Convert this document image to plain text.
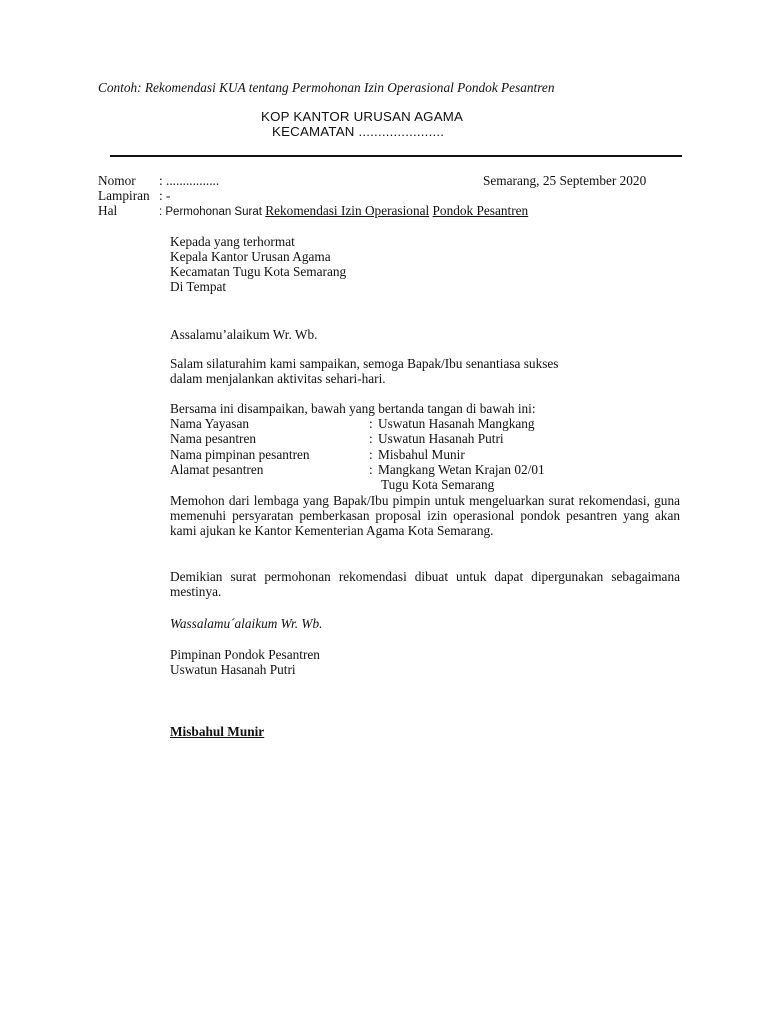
Contoh: Rekomendasi KUA tentang Permohonan Izin Operasional Pondok Pesantren
KOP KANTOR URUSAN AGAMA
KECAMATAN ......................
Nomor : ................	Semarang, 25 September 2020
Lampiran : -
Hal	: Permohonan Surat Rekomendasi Izin Operasional Pondok Pesantren
Kepada yang terhormat
Kepala Kantor Urusan Agama
Kecamatan Tugu Kota Semarang
Di Tempat
Assalamu’alaikum Wr. Wb.
Salam silaturahim kami sampaikan, semoga Bapak/Ibu senantiasa sukses
dalam menjalankan aktivitas sehari-hari.
Bersama ini disampaikan, bawah yang bertanda tangan di bawah ini:
Nama Yayasan	: Uswatun Hasanah Mangkang
Nama pesantren	: Uswatun Hasanah Putri
Nama pimpinan pesantren	: Misbahul Munir
Alamat pesantren	: Mangkang Wetan Krajan 02/01
Tugu Kota Semarang
Memohon dari lembaga yang Bapak/Ibu pimpin untuk mengeluarkan surat rekomendasi, guna memenuhi persyaratan pemberkasan proposal izin operasional pondok pesantren yang akan kami ajukan ke Kantor Kementerian Agama Kota Semarang.
Demikian surat permohonan rekomendasi dibuat untuk dapat dipergunakan sebagaimana mestinya.
Wassalamu´alaikum Wr. Wb.
Pimpinan Pondok Pesantren
Uswatun Hasanah Putri
Misbahul Munir
